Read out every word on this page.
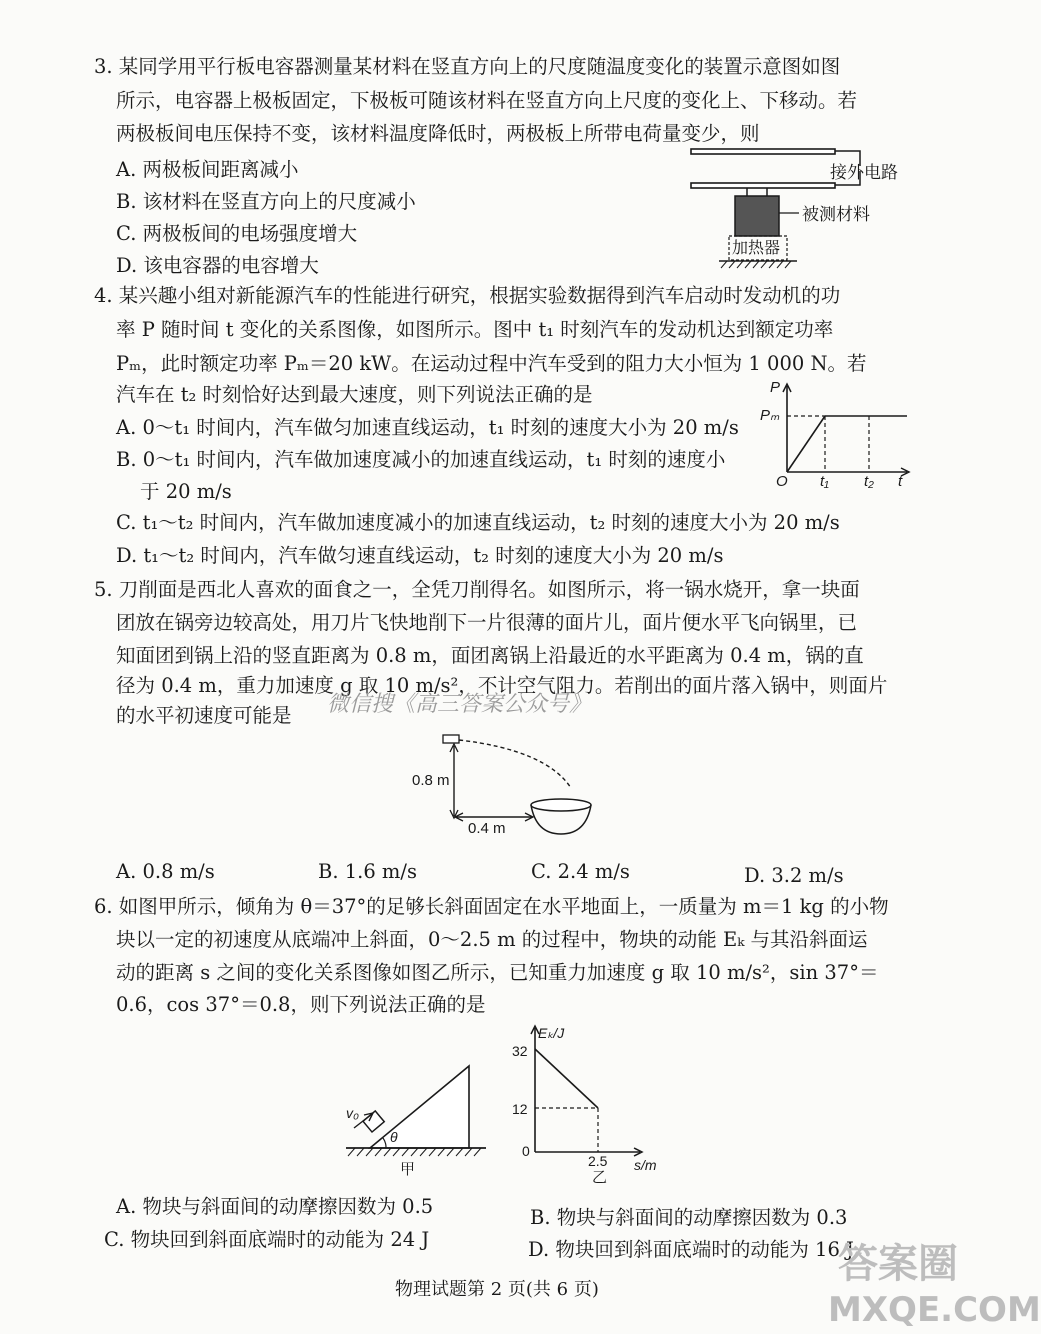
3. 某同学用平行板电容器测量某材料在竖直方向上的尺度随温度变化的装置示意图如图
所示，电容器上极板固定，下极板可随该材料在竖直方向上尺度的变化上、下移动。若
两极板间电压保持不变，该材料温度降低时，两极板上所带电荷量变少，则
A. 两极板间距离减小
B. 该材料在竖直方向上的尺度减小
C. 两极板间的电场强度增大
D. 该电容器的电容增大
接外电路
被测材料
加热器
4. 某兴趣小组对新能源汽车的性能进行研究，根据实验数据得到汽车启动时发动机的功
率 P 随时间 t 变化的关系图像，如图所示。图中 t₁ 时刻汽车的发动机达到额定功率
Pₘ，此时额定功率 Pₘ＝20 kW。在运动过程中汽车受到的阻力大小恒为 1 000 N。若
汽车在 t₂ 时刻恰好达到最大速度，则下列说法正确的是
A. 0～t₁ 时间内，汽车做匀加速直线运动，t₁ 时刻的速度大小为 20 m/s
B. 0～t₁ 时间内，汽车做加速度减小的加速直线运动，t₁ 时刻的速度小
于 20 m/s
C. t₁～t₂ 时间内，汽车做加速度减小的加速直线运动，t₂ 时刻的速度大小为 20 m/s
D. t₁～t₂ 时间内，汽车做匀速直线运动，t₂ 时刻的速度大小为 20 m/s
P
Pₘ
O t₁ t₂ t
5. 刀削面是西北人喜欢的面食之一，全凭刀削得名。如图所示，将一锅水烧开，拿一块面
团放在锅旁边较高处，用刀片飞快地削下一片很薄的面片儿，面片便水平飞向锅里，已
知面团到锅上沿的竖直距离为 0.8 m，面团离锅上沿最近的水平距离为 0.4 m，锅的直
径为 0.4 m，重力加速度 g 取 10 m/s²，不计空气阻力。若削出的面片落入锅中，则面片
的水平初速度可能是 微信搜《高三答案公众号》
0.8 m
0.4 m
A. 0.8 m/s	B. 1.6 m/s	C. 2.4 m/s	D. 3.2 m/s
6. 如图甲所示，倾角为 θ＝37°的足够长斜面固定在水平地面上，一质量为 m＝1 kg 的小物
块以一定的初速度从底端冲上斜面，0～2.5 m 的过程中，物块的动能 Eₖ 与其沿斜面运
动的距离 s 之间的变化关系图像如图乙所示，已知重力加速度 g 取 10 m/s²，sin 37°＝
0.6，cos 37°＝0.8，则下列说法正确的是
v₀
θ
甲
Eₖ/J
32
12
0
2.5 s/m
乙
A. 物块与斜面间的动摩擦因数为 0.5	B. 物块与斜面间的动摩擦因数为 0.3
C. 物块回到斜面底端时的动能为 24 J	D. 物块回到斜面底端时的动能为 16 J
答案圈
MXQE.COM
物理试题第 2 页(共 6 页)
